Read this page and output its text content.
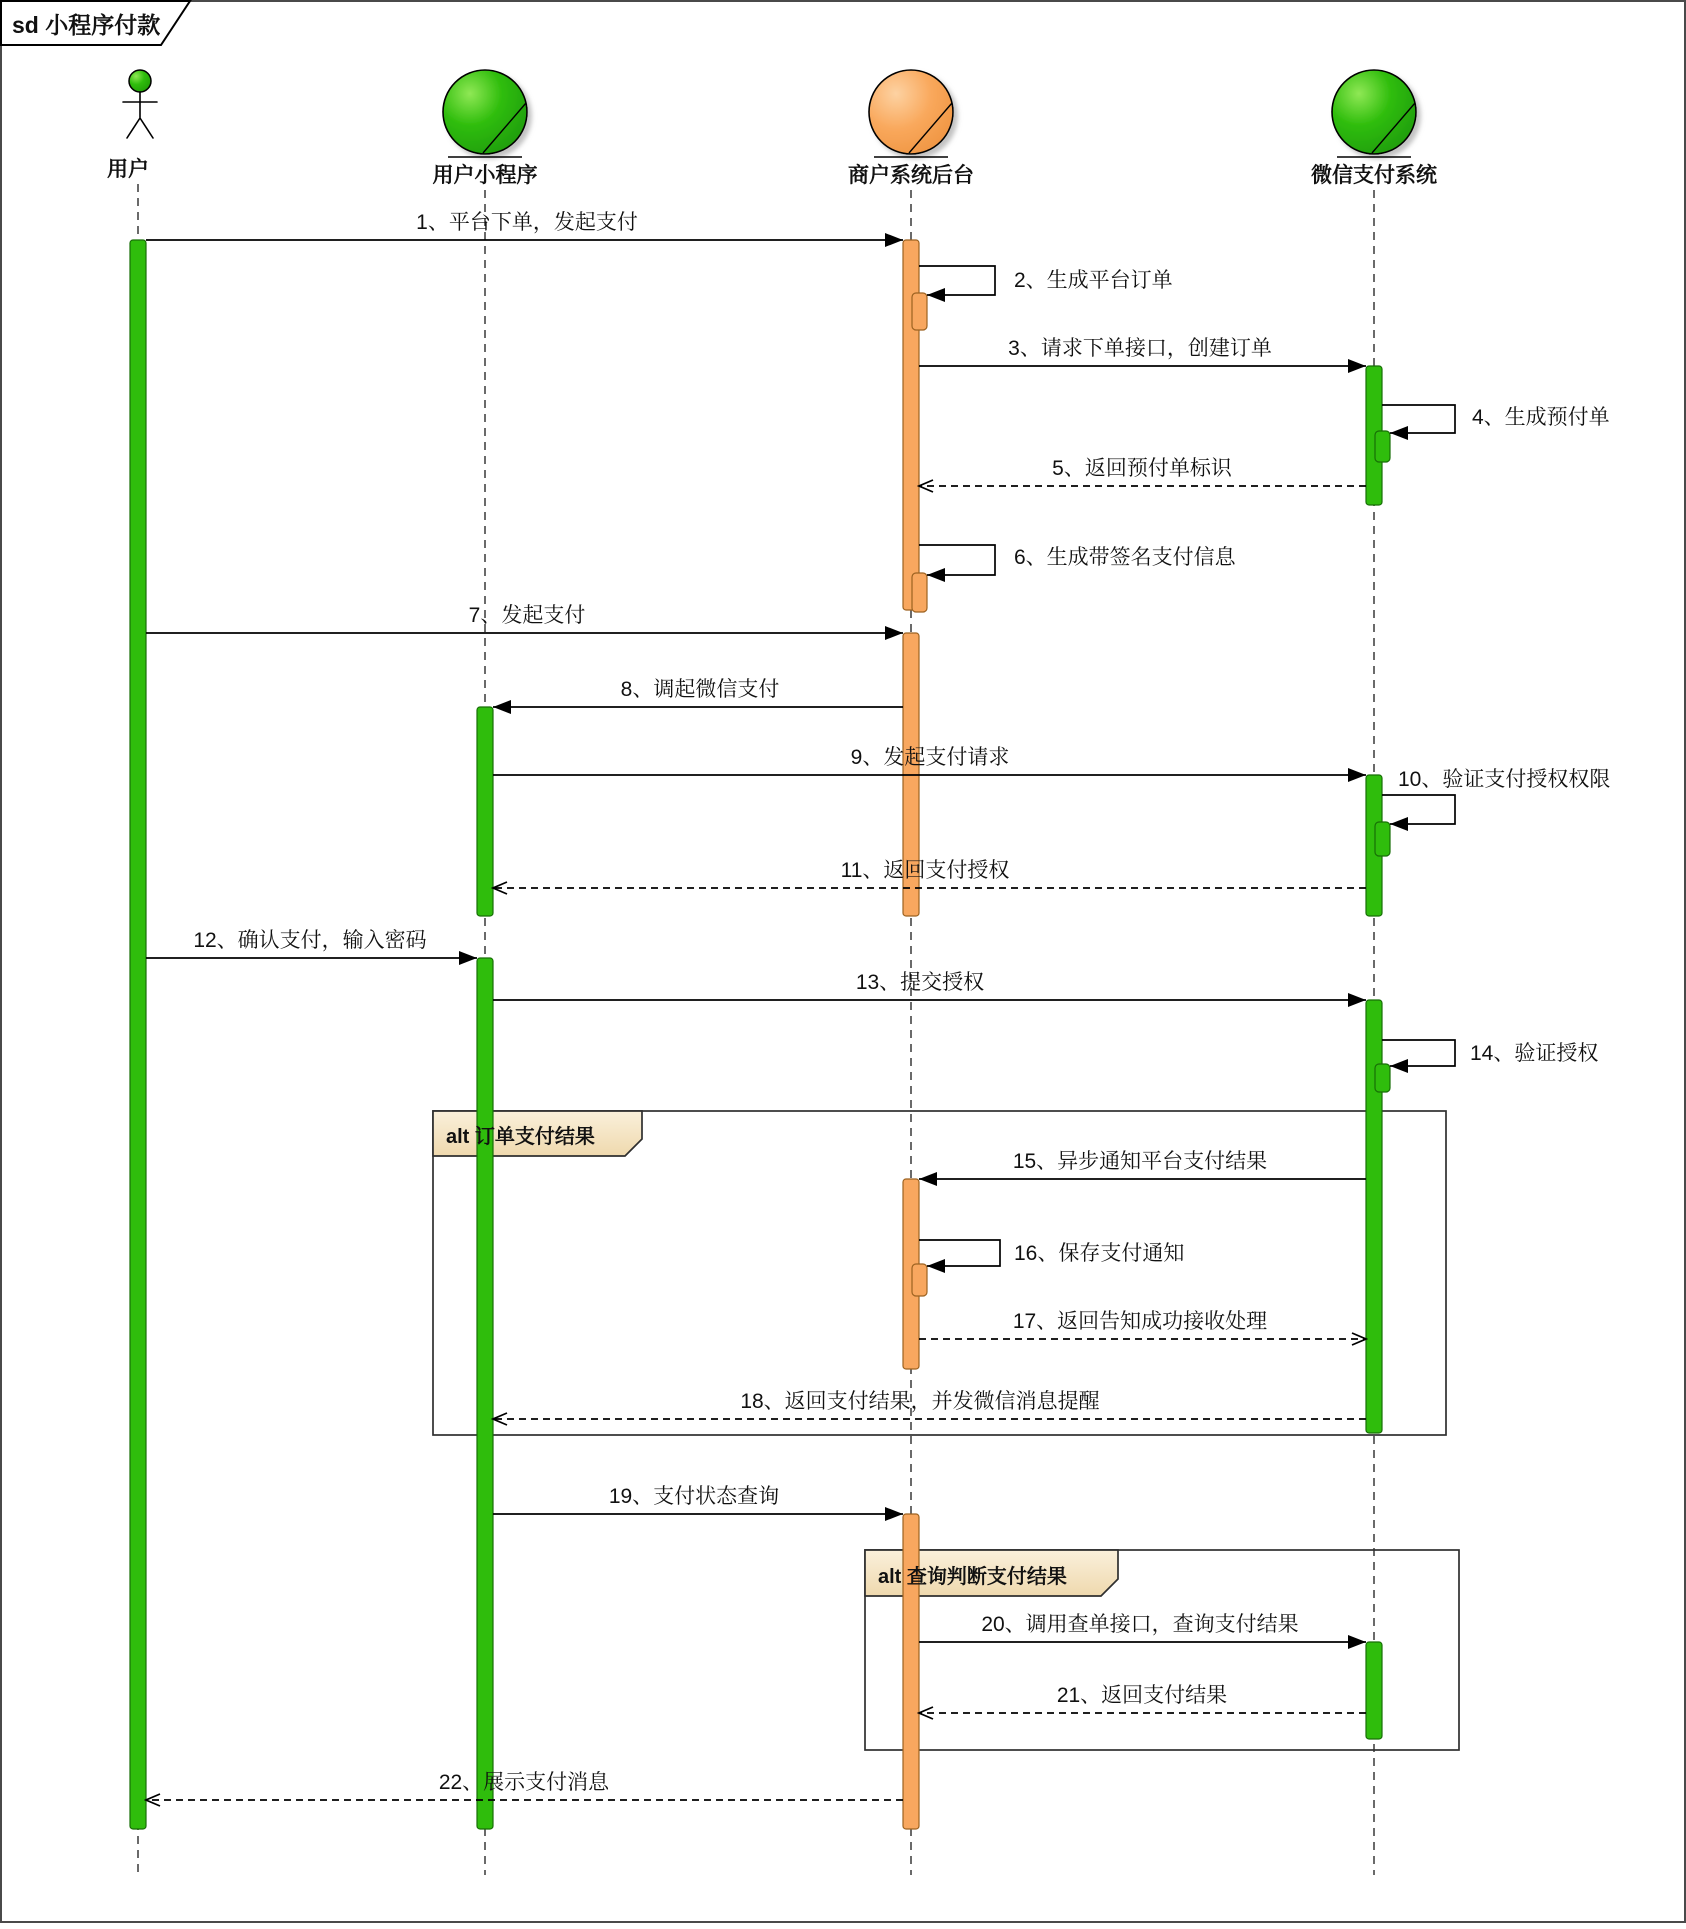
1、平台下单，发起支付
2、生成平台订单
3、请求下单接口，创建订单
4、生成预付单
5、返回预付单标识
6、生成带签名支付信息
7、发起支付
8、调起微信支付
9、发起支付请求
10、验证支付授权权限
11、返回支付授权
12、确认支付，输入密码
13、提交授权
14、验证授权
15、异步通知平台支付结果
16、保存支付通知
17、返回告知成功接收处理
18、返回支付结果，并发微信消息提醒
19、支付状态查询
20、调用查单接口，查询支付结果
21、返回支付结果
22、展示支付消息
alt 订单支付结果
alt 查询判断支付结果
用户	用户小程序	商户系统后台	微信支付系统
sd 小程序付款
